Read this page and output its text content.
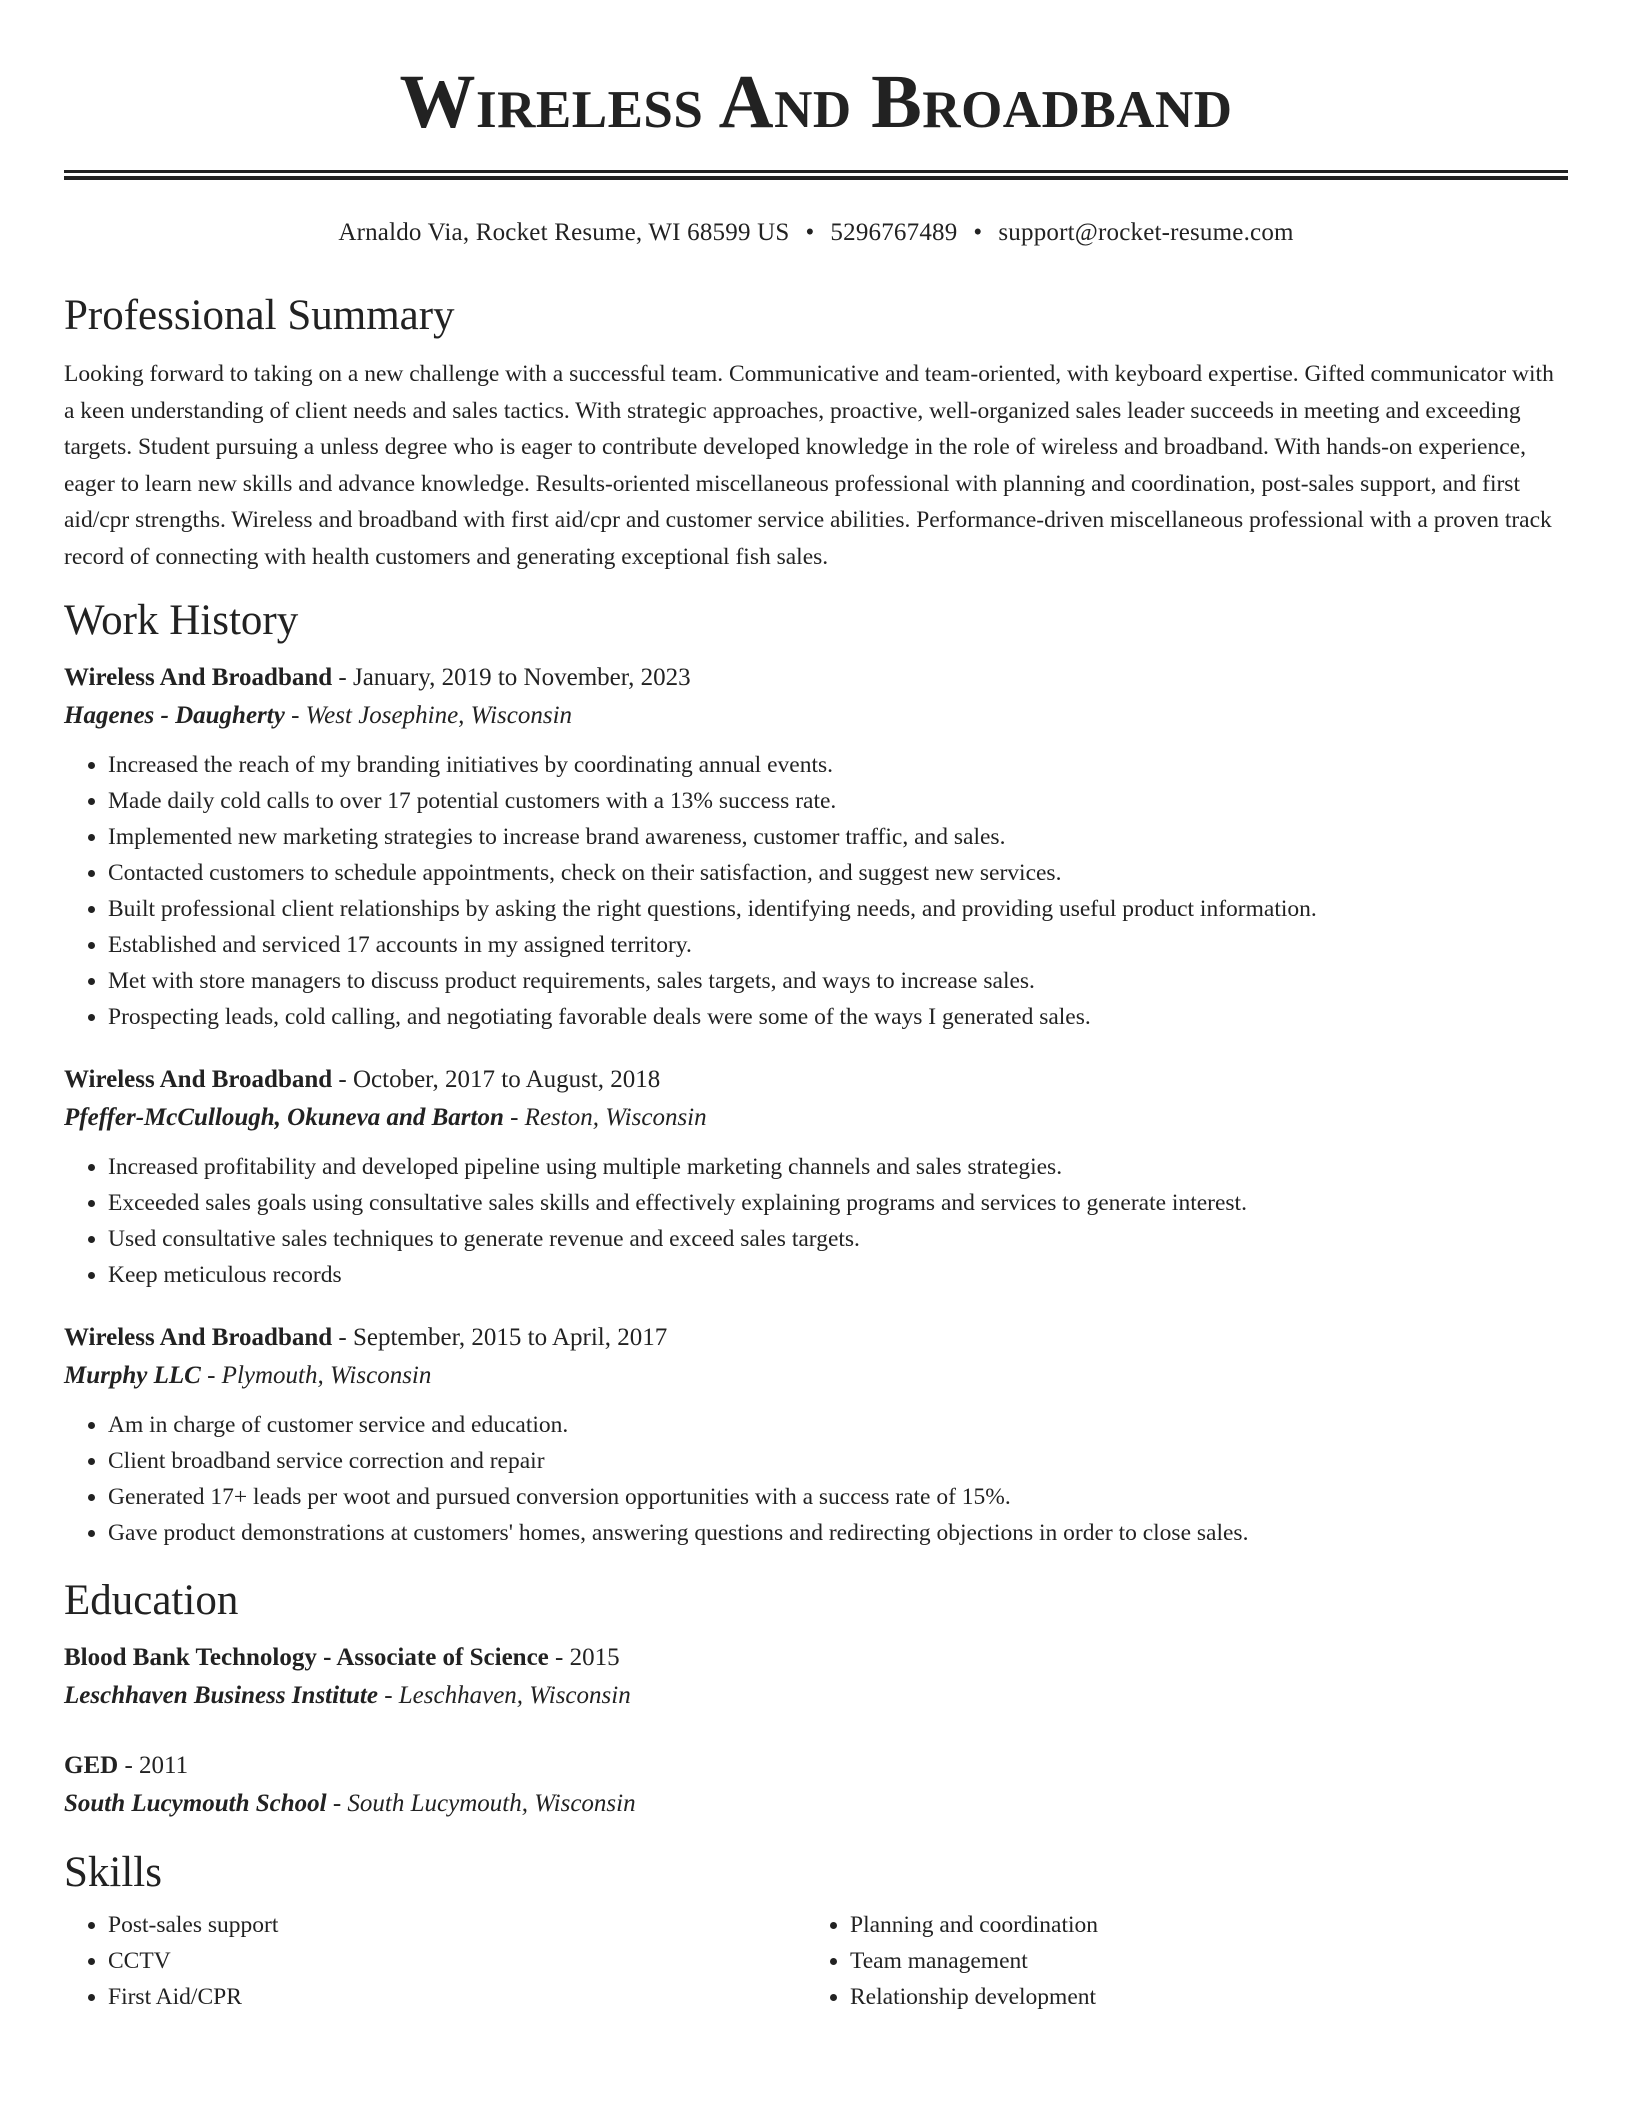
Wireless And Broadband
Arnaldo Via, Rocket Resume, WI 68599 US • 5296767489 • support@rocket-resume.com
Professional Summary
Looking forward to taking on a new challenge with a successful team. Communicative and team-oriented, with keyboard expertise. Gifted communicator with a keen understanding of client needs and sales tactics. With strategic approaches, proactive, well-organized sales leader succeeds in meeting and exceeding targets. Student pursuing a unless degree who is eager to contribute developed knowledge in the role of wireless and broadband. With hands-on experience, eager to learn new skills and advance knowledge. Results-oriented miscellaneous professional with planning and coordination, post-sales support, and first aid/cpr strengths. Wireless and broadband with first aid/cpr and customer service abilities. Performance-driven miscellaneous professional with a proven track record of connecting with health customers and generating exceptional fish sales.
Work History
Wireless And Broadband - January, 2019 to November, 2023
Hagenes - Daugherty - West Josephine, Wisconsin
• Increased the reach of my branding initiatives by coordinating annual events.
• Made daily cold calls to over 17 potential customers with a 13% success rate.
• Implemented new marketing strategies to increase brand awareness, customer traffic, and sales.
• Contacted customers to schedule appointments, check on their satisfaction, and suggest new services.
• Built professional client relationships by asking the right questions, identifying needs, and providing useful product information.
• Established and serviced 17 accounts in my assigned territory.
• Met with store managers to discuss product requirements, sales targets, and ways to increase sales.
• Prospecting leads, cold calling, and negotiating favorable deals were some of the ways I generated sales.
Wireless And Broadband - October, 2017 to August, 2018
Pfeffer-McCullough, Okuneva and Barton - Reston, Wisconsin
• Increased profitability and developed pipeline using multiple marketing channels and sales strategies.
• Exceeded sales goals using consultative sales skills and effectively explaining programs and services to generate interest.
• Used consultative sales techniques to generate revenue and exceed sales targets.
• Keep meticulous records
Wireless And Broadband - September, 2015 to April, 2017
Murphy LLC - Plymouth, Wisconsin
• Am in charge of customer service and education.
• Client broadband service correction and repair
• Generated 17+ leads per woot and pursued conversion opportunities with a success rate of 15%.
• Gave product demonstrations at customers' homes, answering questions and redirecting objections in order to close sales.
Education
Blood Bank Technology - Associate of Science - 2015
Leschhaven Business Institute - Leschhaven, Wisconsin
GED - 2011
South Lucymouth School - South Lucymouth, Wisconsin
Skills
• Post-sales support
• CCTV
• First Aid/CPR
• Planning and coordination
• Team management
• Relationship development
